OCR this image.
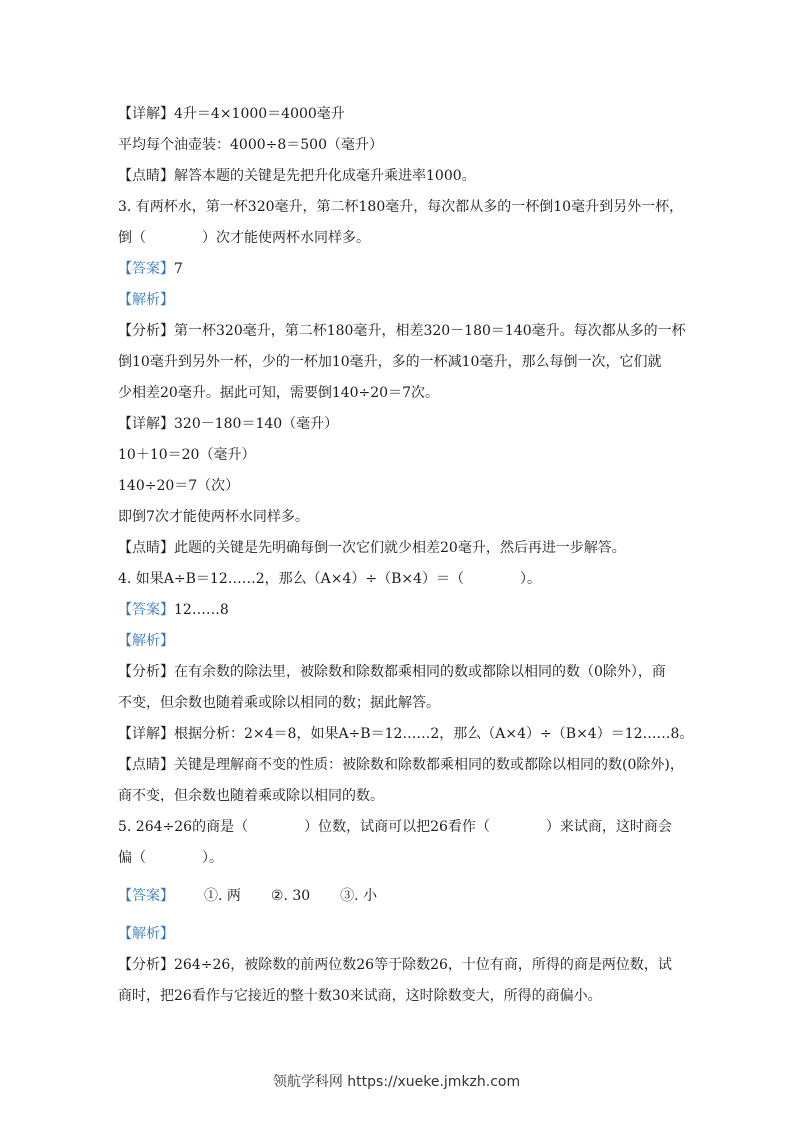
【详解】4升＝4×1000＝4000毫升
平均每个油壶装：4000÷8＝500（毫升）
【点睛】解答本题的关键是先把升化成毫升乘进率1000。
3. 有两杯水，第一杯320毫升，第二杯180毫升，每次都从多的一杯倒10毫升到另外一杯，
倒（　　　　）次才能使两杯水同样多。
【答案】7
【解析】
【分析】第一杯320毫升，第二杯180毫升，相差320－180＝140毫升。每次都从多的一杯
倒10毫升到另外一杯，少的一杯加10毫升，多的一杯减10毫升，那么每倒一次，它们就
少相差20毫升。据此可知，需要倒140÷20＝7次。
【详解】320－180＝140（毫升）
10＋10＝20（毫升）
140÷20＝7（次）
即倒7次才能使两杯水同样多。
【点睛】此题的关键是先明确每倒一次它们就少相差20毫升，然后再进一步解答。
4. 如果A÷B＝12……2，那么（A×4）÷（B×4）＝（　　　　）。
【答案】12……8
【解析】
【分析】在有余数的除法里，被除数和除数都乘相同的数或都除以相同的数（0除外），商
不变，但余数也随着乘或除以相同的数；据此解答。
【详解】根据分析：2×4＝8，如果A÷B＝12……2，那么（A×4）÷（B×4）＝12……8。
【点睛】关键是理解商不变的性质：被除数和除数都乘相同的数或都除以相同的数(0除外)，
商不变，但余数也随着乘或除以相同的数。
5. 264÷26的商是（　　　　）位数，试商可以把26看作（　　　　）来试商，这时商会
偏（　　　　）。
【答案】 ①. 两 ②. 30 ③. 小
【解析】
【分析】264÷26，被除数的前两位数26等于除数26，十位有商，所得的商是两位数，试
商时，把26看作与它接近的整十数30来试商，这时除数变大，所得的商偏小。
领航学科网 https://xueke.jmkzh.com
